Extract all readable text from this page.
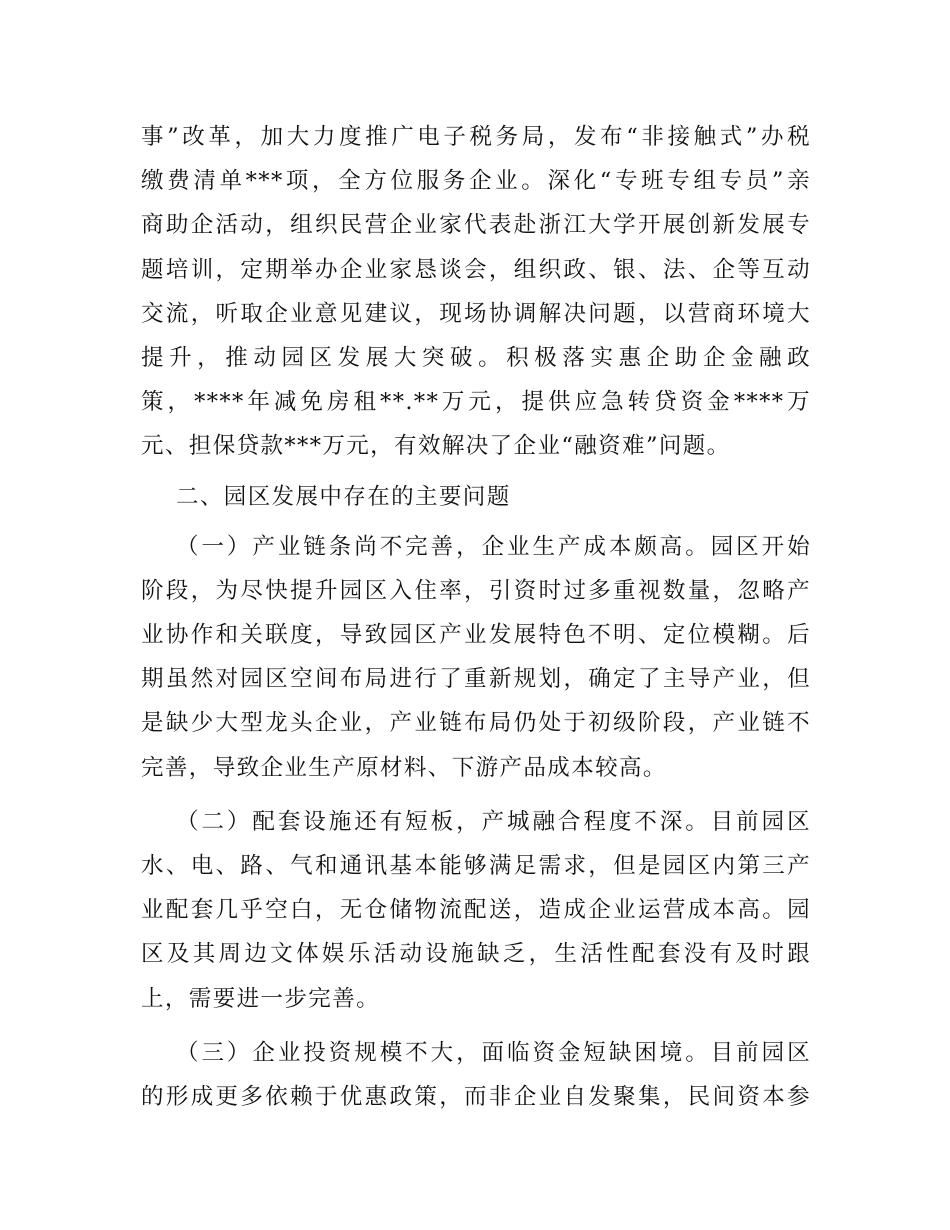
事”改革，加大力度推广电子税务局，发布“非接触式”办税
缴费清单***项，全方位服务企业。深化“专班专组专员”亲
商助企活动，组织民营企业家代表赴浙江大学开展创新发展专
题培训，定期举办企业家恳谈会，组织政、银、法、企等互动
交流，听取企业意见建议，现场协调解决问题，以营商环境大
提升，推动园区发展大突破。积极落实惠企助企金融政
策，****年减免房租**.**万元，提供应急转贷资金****万
元、担保贷款***万元，有效解决了企业“融资难”问题。
二、园区发展中存在的主要问题
（一）产业链条尚不完善，企业生产成本颇高。园区开始
阶段，为尽快提升园区入住率，引资时过多重视数量，忽略产
业协作和关联度，导致园区产业发展特色不明、定位模糊。后
期虽然对园区空间布局进行了重新规划，确定了主导产业，但
是缺少大型龙头企业，产业链布局仍处于初级阶段，产业链不
完善，导致企业生产原材料、下游产品成本较高。
（二）配套设施还有短板，产城融合程度不深。目前园区
水、电、路、气和通讯基本能够满足需求，但是园区内第三产
业配套几乎空白，无仓储物流配送，造成企业运营成本高。园
区及其周边文体娱乐活动设施缺乏，生活性配套没有及时跟
上，需要进一步完善。
（三）企业投资规模不大，面临资金短缺困境。目前园区
的形成更多依赖于优惠政策，而非企业自发聚集，民间资本参
